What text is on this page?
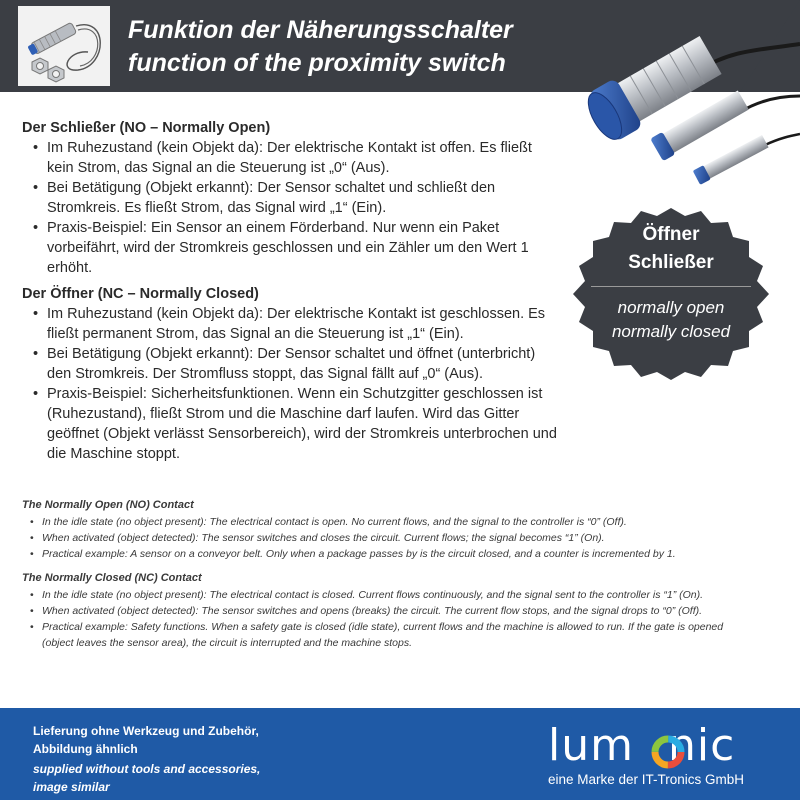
Funktion der Näherungsschalter
function of the proximity switch
Öffner
Schließer
normally open
normally closed
Der Schließer (NO – Normally Open)
• Im Ruhezustand (kein Objekt da): Der elektrische Kontakt ist offen. Es fließt kein Strom, das Signal an die Steuerung ist „0“ (Aus).
• Bei Betätigung (Objekt erkannt): Der Sensor schaltet und schließt den Stromkreis. Es fließt Strom, das Signal wird „1“ (Ein).
• Praxis-Beispiel: Ein Sensor an einem Förderband. Nur wenn ein Paket vorbeifährt, wird der Stromkreis geschlossen und ein Zähler um den Wert 1 erhöht.
Der Öffner (NC – Normally Closed)
• Im Ruhezustand (kein Objekt da): Der elektrische Kontakt ist geschlossen. Es fließt permanent Strom, das Signal an die Steuerung ist „1“ (Ein).
• Bei Betätigung (Objekt erkannt): Der Sensor schaltet und öffnet (unterbricht) den Stromkreis. Der Stromfluss stoppt, das Signal fällt auf „0“ (Aus).
• Praxis-Beispiel: Sicherheitsfunktionen. Wenn ein Schutzgitter geschlossen ist (Ruhezustand), fließt Strom und die Maschine darf laufen. Wird das Gitter geöffnet (Objekt verlässt Sensorbereich), wird der Stromkreis unterbrochen und die Maschine stoppt.
The Normally Open (NO) Contact
• In the idle state (no object present): The electrical contact is open. No current flows, and the signal to the controller is “0” (Off).
• When activated (object detected): The sensor switches and closes the circuit. Current flows; the signal becomes “1” (On).
• Practical example: A sensor on a conveyor belt. Only when a package passes by is the circuit closed, and a counter is incremented by 1.
The Normally Closed (NC) Contact
• In the idle state (no object present): The electrical contact is closed. Current flows continuously, and the signal sent to the controller is “1” (On).
• When activated (object detected): The sensor switches and opens (breaks) the circuit. The current flow stops, and the signal drops to “0” (Off).
• Practical example: Safety functions. When a safety gate is closed (idle state), current flows and the machine is allowed to run. If the gate is opened (object leaves the sensor area), the circuit is interrupted and the machine stops.
Lieferung ohne Werkzeug und Zubehör,
Abbildung ähnlich
supplied without tools and accessories,
image similar
lum nic
eine Marke der IT-Tronics GmbH
